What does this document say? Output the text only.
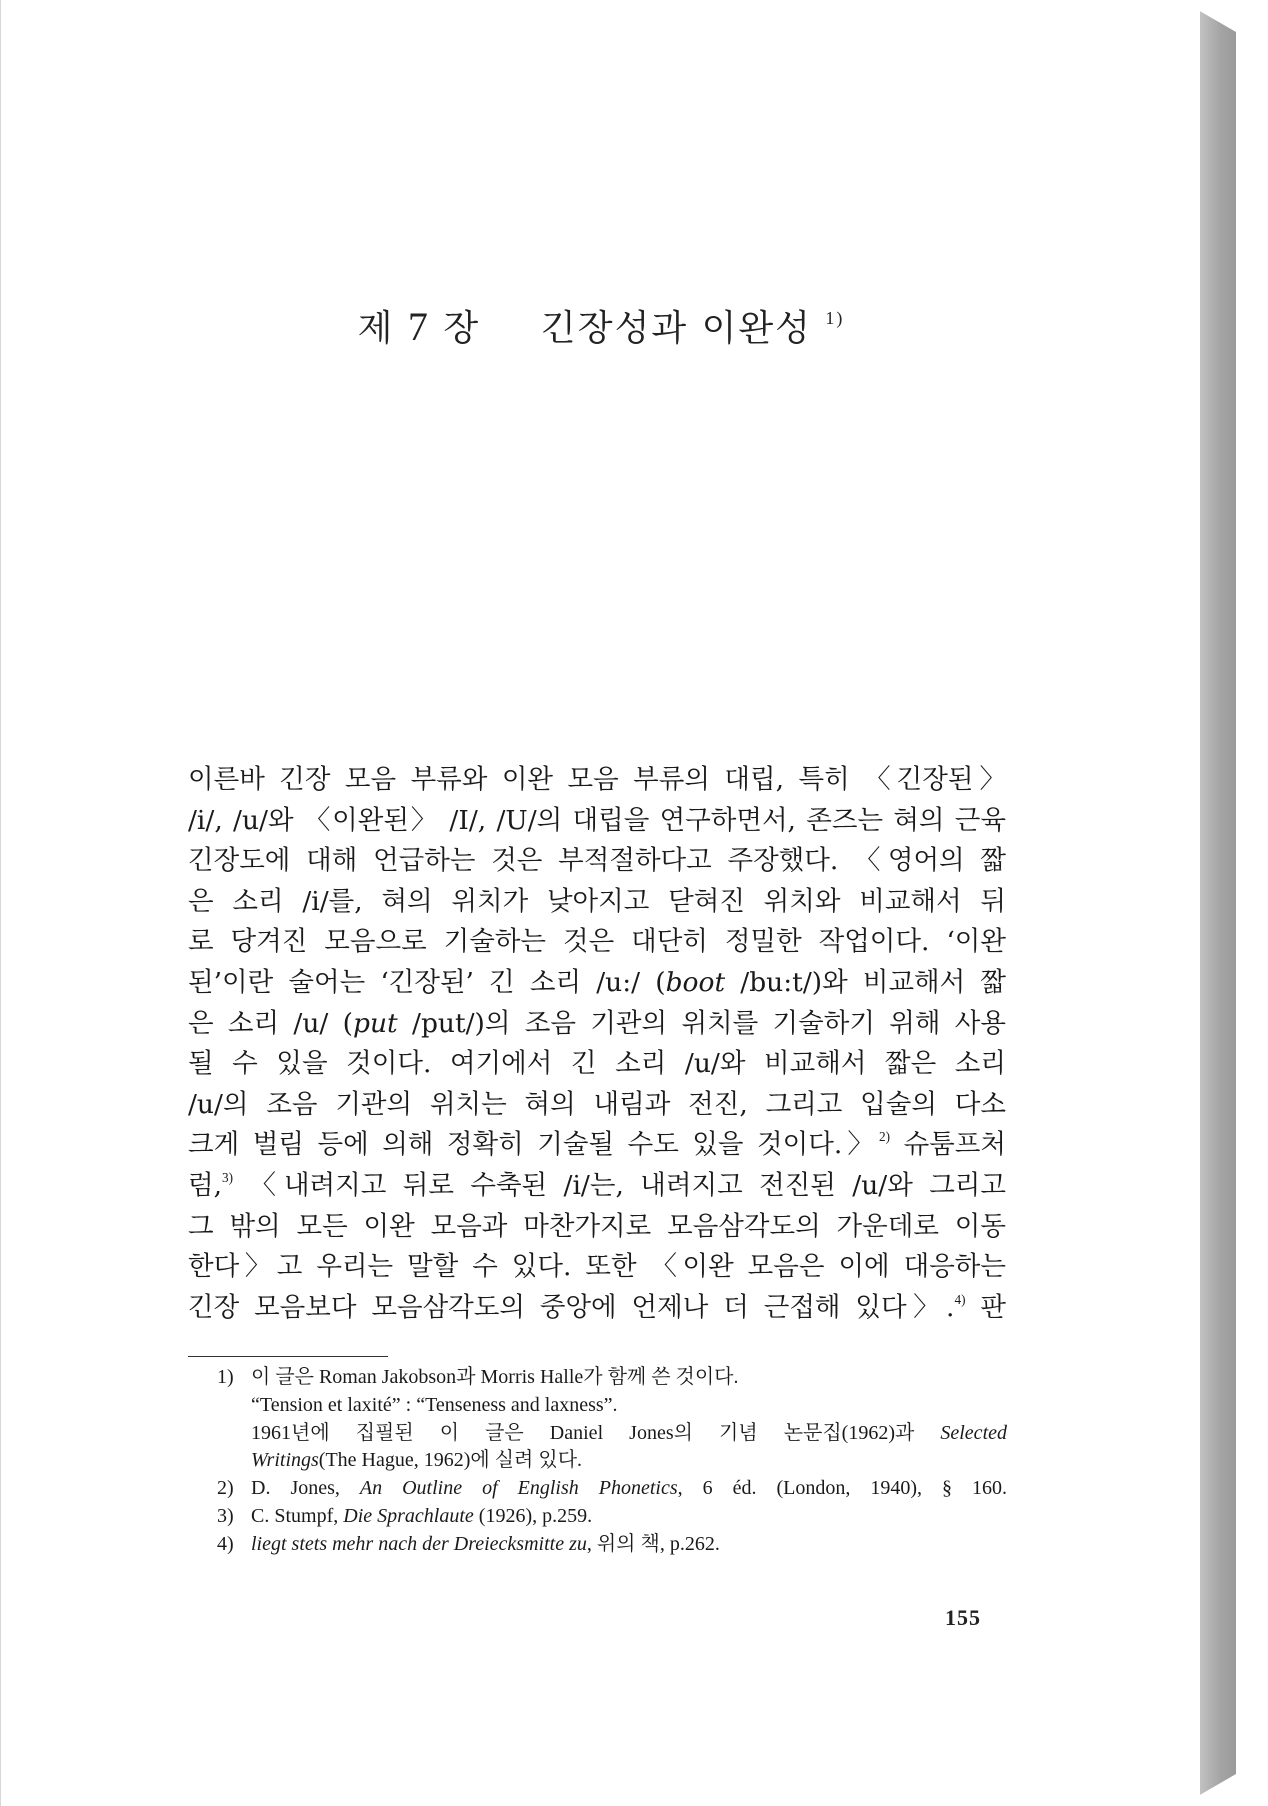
제 7 장 긴장성과 이완성 $^{1)}$
이른바 긴장 모음 부류와 이완 모음 부류의 대립, 특히 〈긴장된〉
/i/, /u/와 〈이완된〉 /I/, /U/의 대립을 연구하면서, 존즈는 혀의 근육
긴장도에 대해 언급하는 것은 부적절하다고 주장했다. 〈영어의 짧
은 소리 /i/를, 혀의 위치가 낮아지고 닫혀진 위치와 비교해서 뒤
로 당겨진 모음으로 기술하는 것은 대단히 정밀한 작업이다. ‘이완
된’이란 술어는 ‘긴장된’ 긴 소리 /u:/ (boot /bu:t/)와 비교해서 짧
은 소리 /u/ (put /put/)의 조음 기관의 위치를 기술하기 위해 사용
될 수 있을 것이다. 여기에서 긴 소리 /u/와 비교해서 짧은 소리
/u/의 조음 기관의 위치는 혀의 내림과 전진, 그리고 입술의 다소
크게 벌림 등에 의해 정확히 기술될 수도 있을 것이다.〉$^{2)}$ 슈툼프처
럼,$^{3)}$ 〈내려지고 뒤로 수축된 /i/는, 내려지고 전진된 /u/와 그리고
그 밖의 모든 이완 모음과 마찬가지로 모음삼각도의 가운데로 이동
한다〉고 우리는 말할 수 있다. 또한 〈이완 모음은 이에 대응하는
긴장 모음보다 모음삼각도의 중앙에 언제나 더 근접해 있다〉.$^{4)}$ 판
1) 이 글은 Roman Jakobson과 Morris Halle가 함께 쓴 것이다.
“Tension et laxité” : “Tenseness and laxness”.
1961년에 집필된 이 글은 Daniel Jones의 기념 논문집(1962)과 Selected
Writings(The Hague, 1962)에 실려 있다.
2) D. Jones, An Outline of English Phonetics, 6 éd. (London, 1940), § 160.
3) C. Stumpf, Die Sprachlaute (1926), p.259.
4) liegt stets mehr nach der Dreiecksmitte zu, 위의 책, p.262.
155
